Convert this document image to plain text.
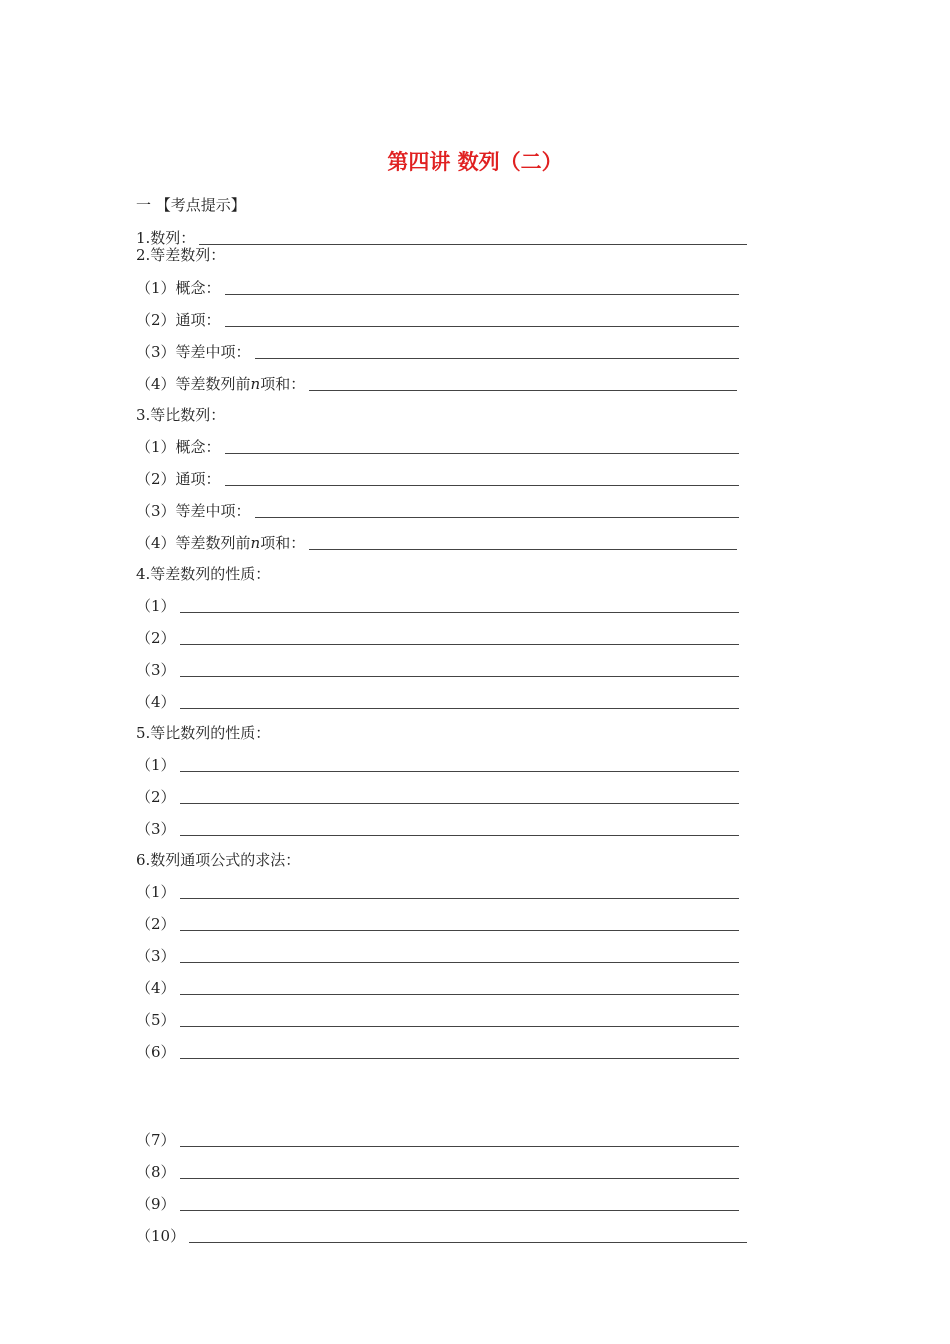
第四讲 数列（二）
一 【考点提示】
1.数列：
2.等差数列：
（1）概念：
（2）通项：
（3）等差中项：
（4）等差数列前n项和：
3.等比数列：
（1）概念：
（2）通项：
（3）等差中项：
（4）等差数列前n项和：
4.等差数列的性质：
（1）
（2）
（3）
（4）
5.等比数列的性质：
（1）
（2）
（3）
6.数列通项公式的求法：
（1）
（2）
（3）
（4）
（5）
（6）
（7）
（8）
（9）
（10）
